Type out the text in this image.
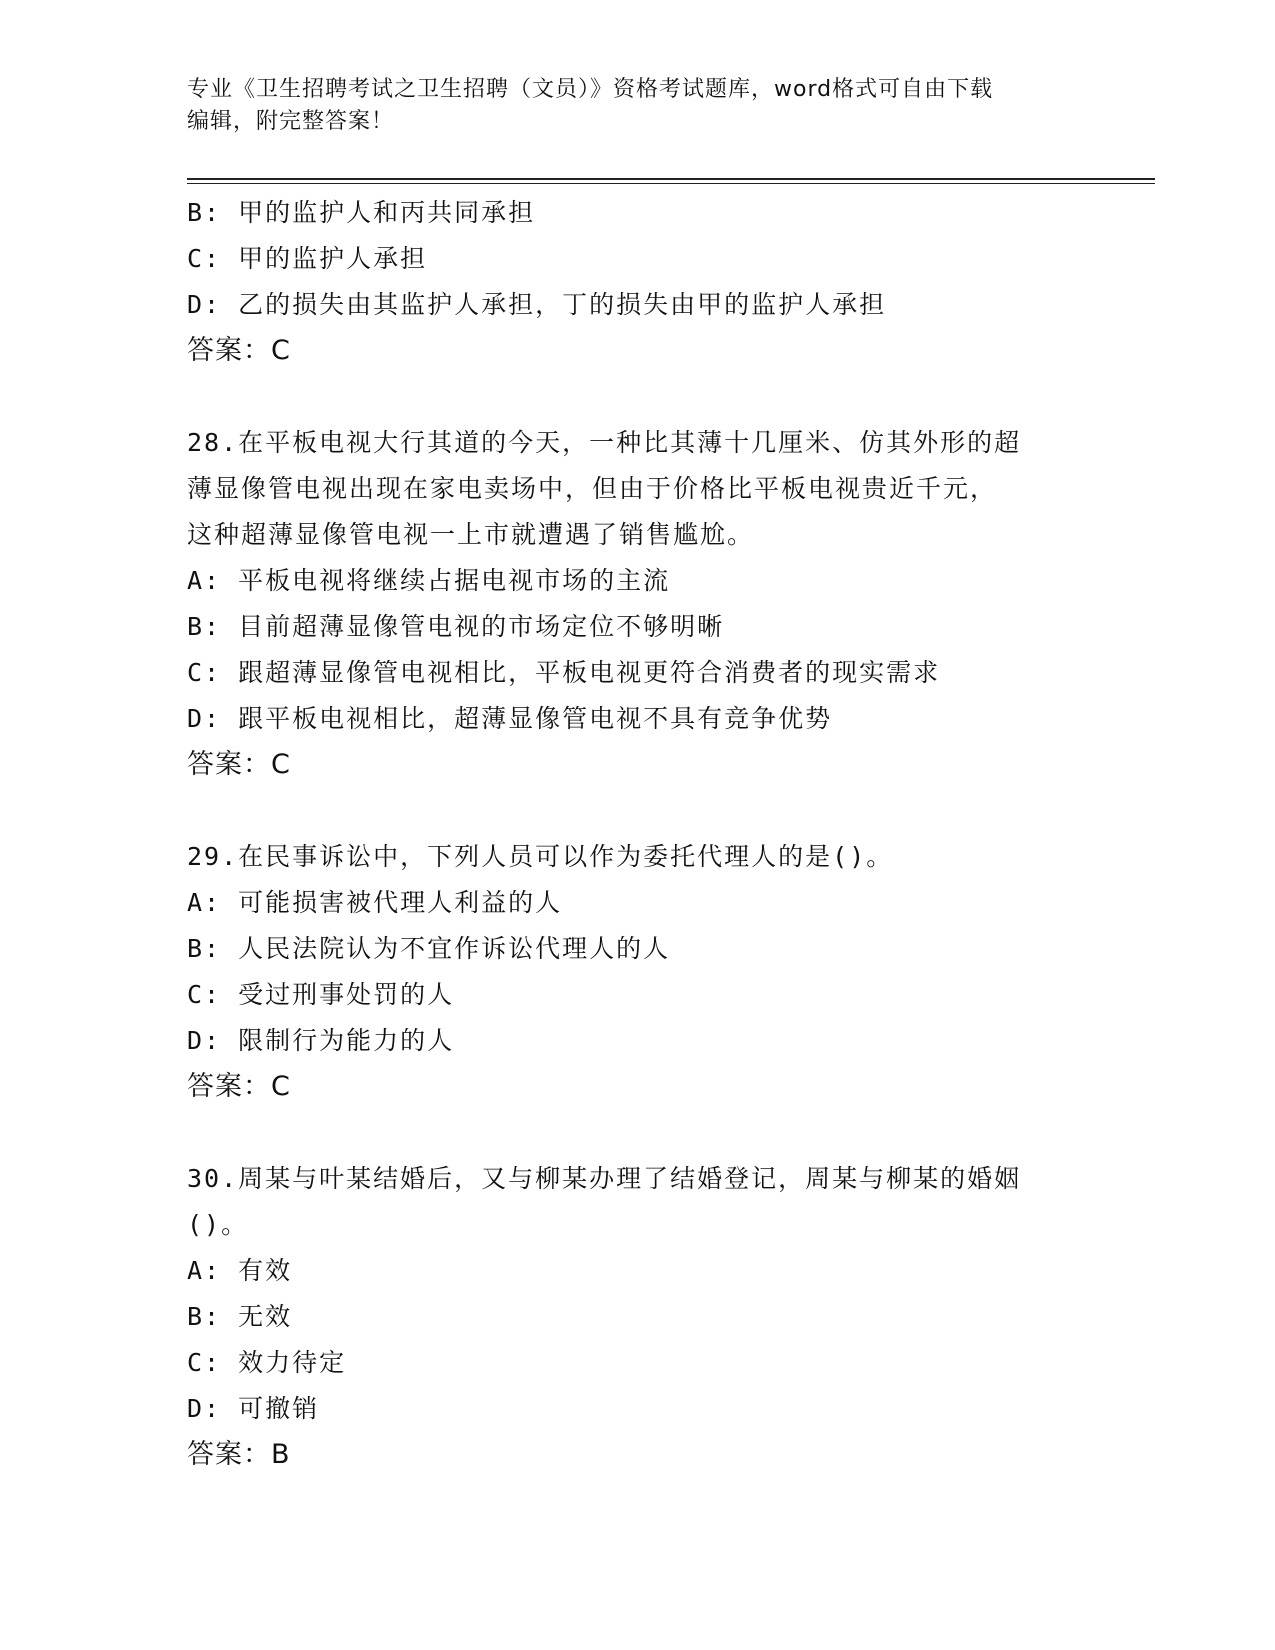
专业《卫生招聘考试之卫生招聘（文员）》资格考试题库，word格式可自由下载
编辑，附完整答案！
B: 甲的监护人和丙共同承担
C: 甲的监护人承担
D: 乙的损失由其监护人承担，丁的损失由甲的监护人承担
答案：C
28.在平板电视大行其道的今天，一种比其薄十几厘米、仿其外形的超
薄显像管电视出现在家电卖场中，但由于价格比平板电视贵近千元，
这种超薄显像管电视一上市就遭遇了销售尴尬。
A: 平板电视将继续占据电视市场的主流
B: 目前超薄显像管电视的市场定位不够明晰
C: 跟超薄显像管电视相比，平板电视更符合消费者的现实需求
D: 跟平板电视相比，超薄显像管电视不具有竞争优势
答案：C
29.在民事诉讼中，下列人员可以作为委托代理人的是()。
A: 可能损害被代理人利益的人
B: 人民法院认为不宜作诉讼代理人的人
C: 受过刑事处罚的人
D: 限制行为能力的人
答案：C
30.周某与叶某结婚后，又与柳某办理了结婚登记，周某与柳某的婚姻
()。
A: 有效
B: 无效
C: 效力待定
D: 可撤销
答案：B
